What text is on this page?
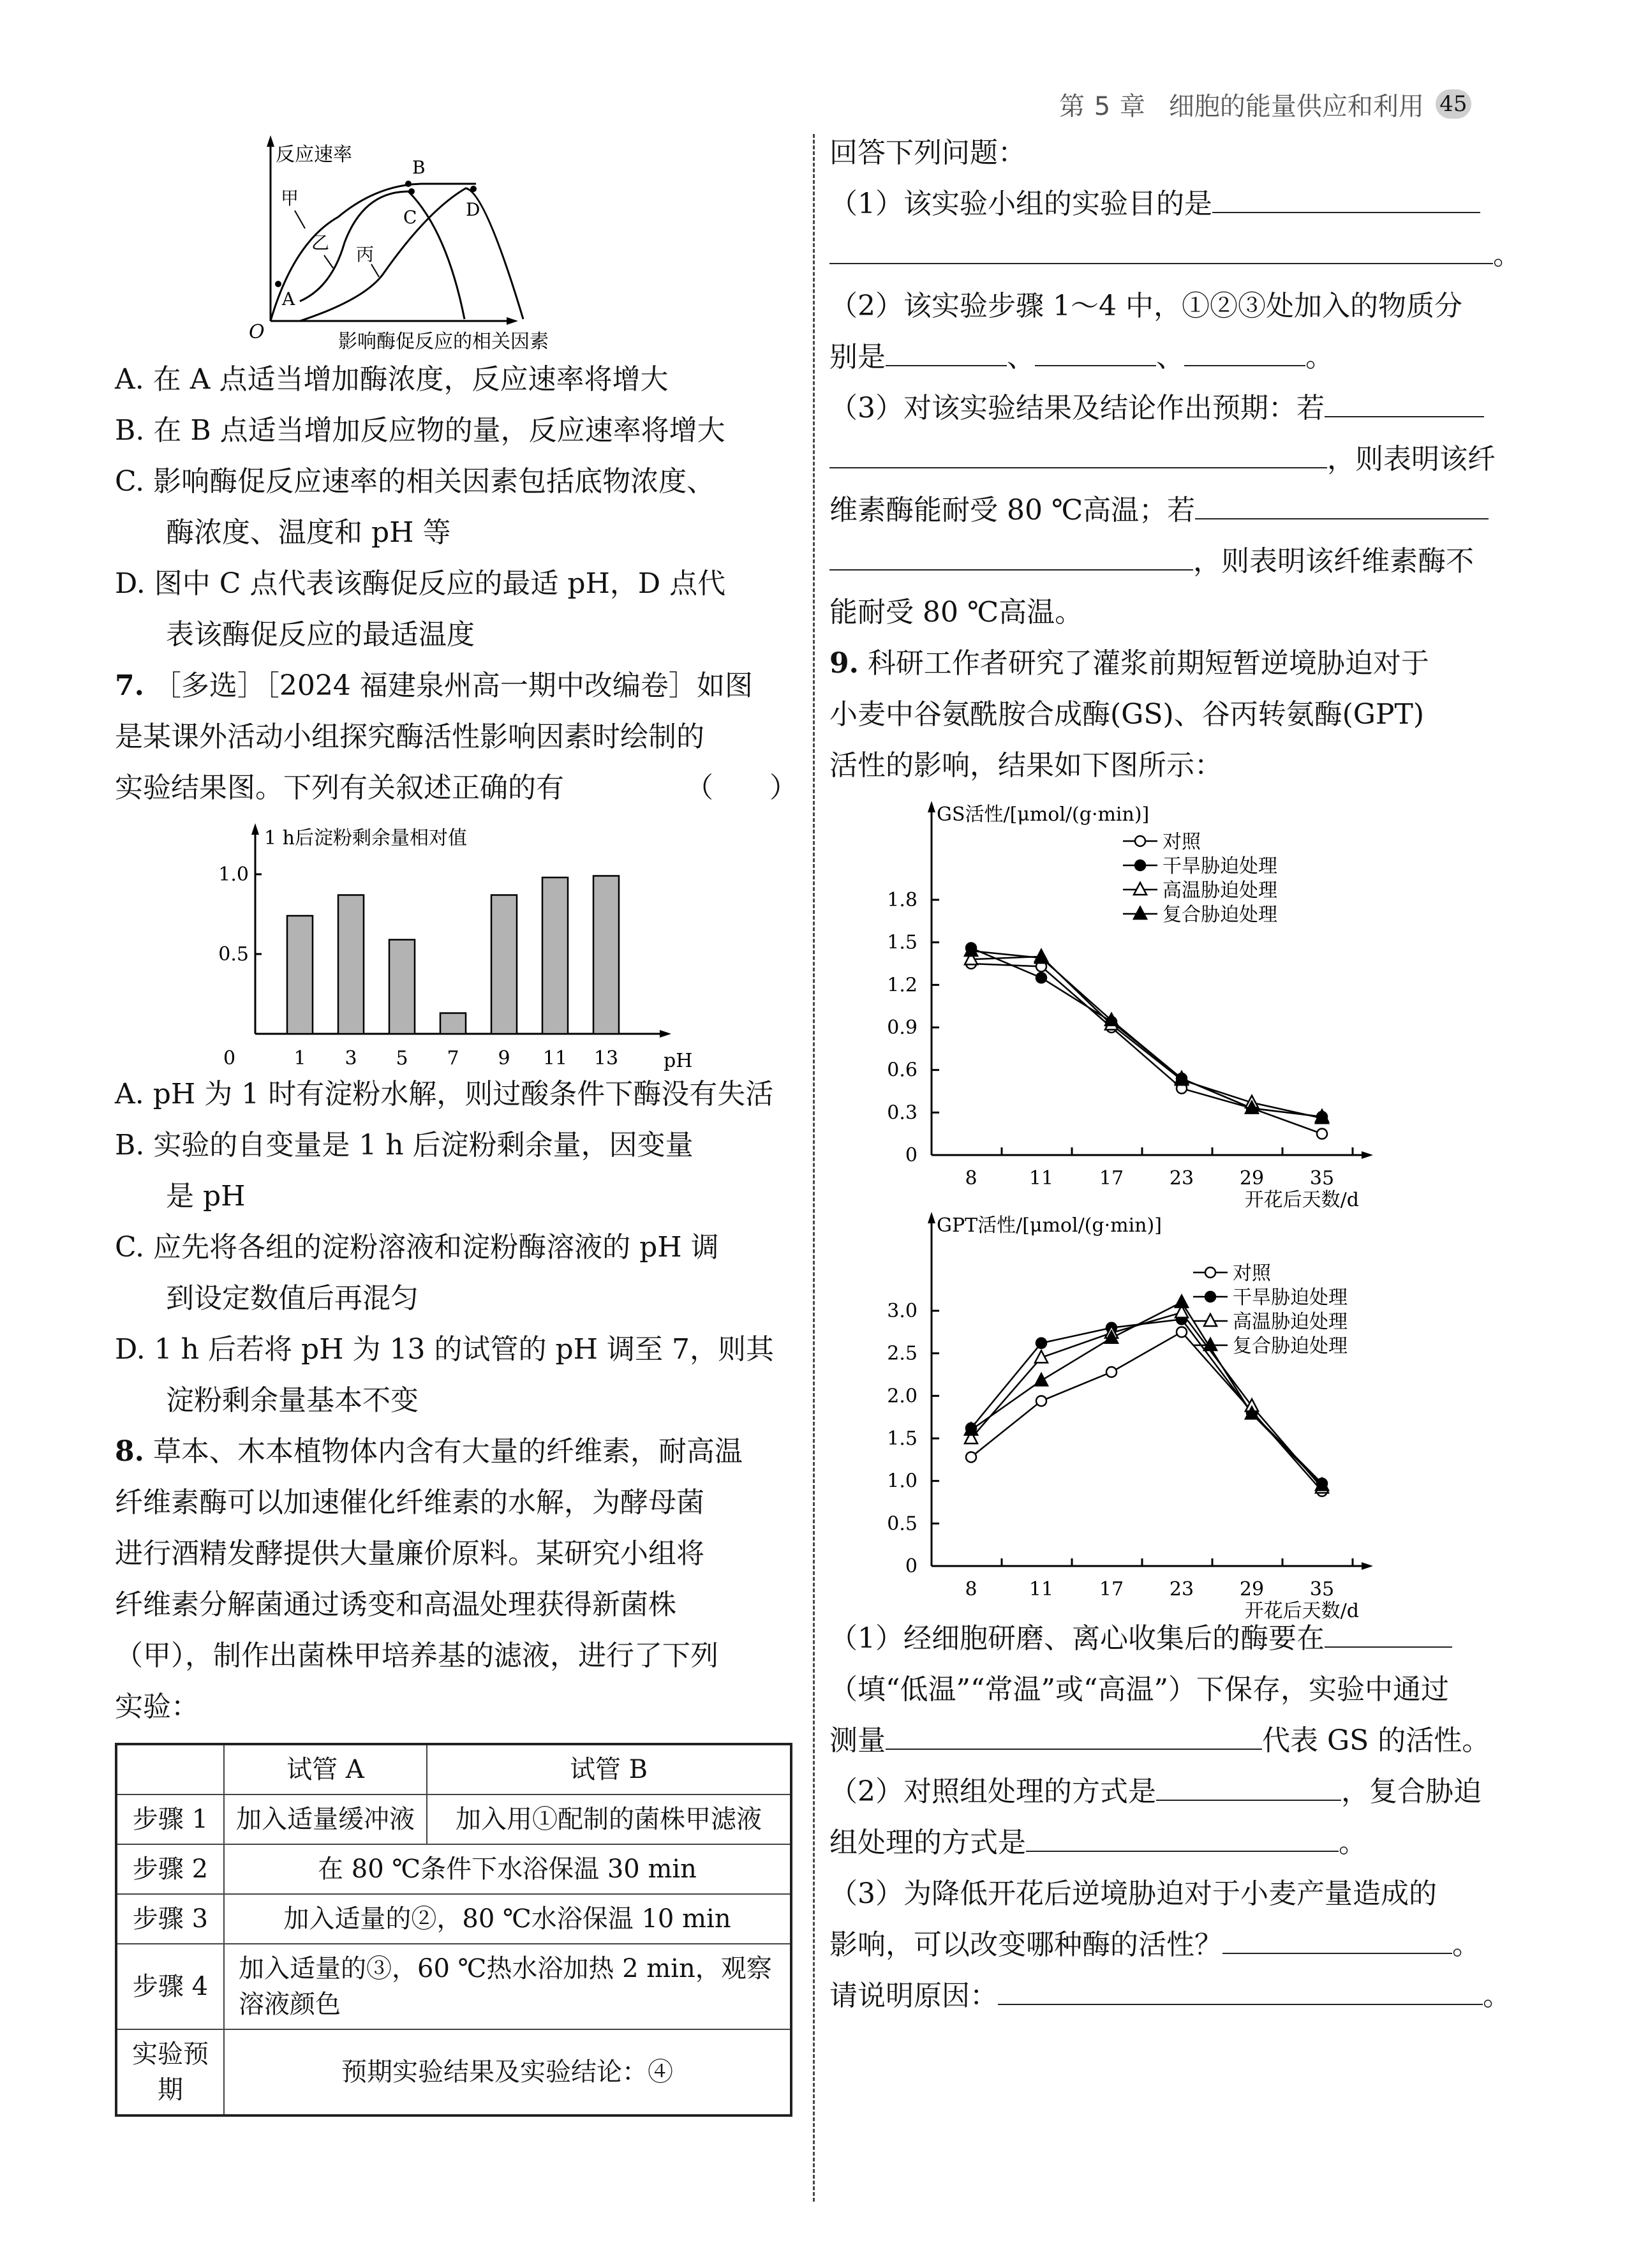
第 5 章 细胞的能量供应和利用 45
反应速率
O	影响酶促反应的相关因素
A
B
C	D
甲
乙
丙
A. 在 A 点适当增加酶浓度，反应速率将增大
B. 在 B 点适当增加反应物的量，反应速率将增大
C. 影响酶促反应速率的相关因素包括底物浓度、
酶浓度、温度和 pH 等
D. 图中 C 点代表该酶促反应的最适 pH，D 点代
表该酶促反应的最适温度
7. ［多选］［2024 福建泉州高一期中改编卷］如图
是某课外活动小组探究酶活性影响因素时绘制的
实验结果图。下列有关叙述正确的有	（　　）
1 h后淀粉剩余量相对值
0.5
1.0
0	1 3 5 7 9 11 13 pH
A. pH 为 1 时有淀粉水解，则过酸条件下酶没有失活
B. 实验的自变量是 1 h 后淀粉剩余量，因变量
是 pH
C. 应先将各组的淀粉溶液和淀粉酶溶液的 pH 调
到设定数值后再混匀
D. 1 h 后若将 pH 为 13 的试管的 pH 调至 7，则其
淀粉剩余量基本不变
8. 草本、木本植物体内含有大量的纤维素，耐高温
纤维素酶可以加速催化纤维素的水解，为酵母菌
进行酒精发酵提供大量廉价原料。某研究小组将
纤维素分解菌通过诱变和高温处理获得新菌株
（甲），制作出菌株甲培养基的滤液，进行了下列
实验：
	试管 A	试管 B
步骤 1	加入适量缓冲液	加入用①配制的菌株甲滤液
步骤 2	在 80 ℃条件下水浴保温 30 min	
步骤 3	加入适量的②，80 ℃水浴保温 10 min	
步骤 4	加入适量的③，60 ℃热水浴加热 2 min，观察
溶液颜色	

实验预期	预期实验结果及实验结论：④	
回答下列问题：
（1）该实验小组的实验目的是
。
（2）该实验步骤 1～4 中，①②③处加入的物质分
别是	、	、	。
（3）对该实验结果及结论作出预期：若
，则表明该纤
维素酶能耐受 80 ℃高温；若
，则表明该纤维素酶不
能耐受 80 ℃高温。
9. 科研工作者研究了灌浆前期短暂逆境胁迫对于
小麦中谷氨酰胺合成酶(GS)、谷丙转氨酶(GPT)
活性的影响，结果如下图所示：
GS活性/[μmol/(g·min)]
0
0.3
0.6
0.9
1.2
1.5
1.8
8	11 17 23 29 35
开花后天数/d
对照
干旱胁迫处理
高温胁迫处理
复合胁迫处理
GPT活性/[μmol/(g·min)]
0
0.5
1.0
1.5
2.0
2.5
3.0
8	11 17 23 29 35
开花后天数/d
对照
干旱胁迫处理
高温胁迫处理
复合胁迫处理
（1）经细胞研磨、离心收集后的酶要在
（填“低温”“常温”或“高温”）下保存，实验中通过
测量	代表 GS 的活性。
（2）对照组处理的方式是	，复合胁迫
组处理的方式是	。
（3）为降低开花后逆境胁迫对于小麦产量造成的
影响，可以改变哪种酶的活性？	。
请说明原因：	。
